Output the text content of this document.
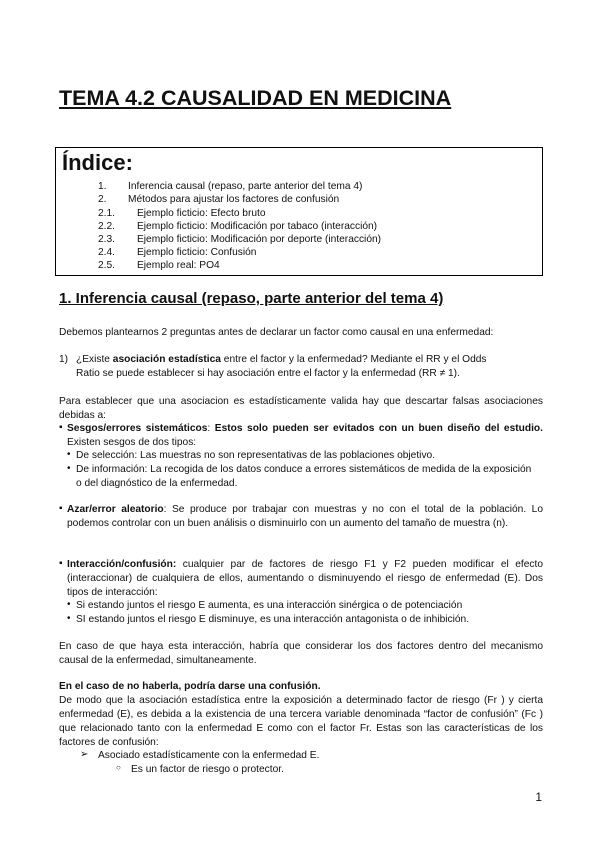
TEMA 4.2 CAUSALIDAD EN MEDICINA
Índice:
1. Inferencia causal (repaso, parte anterior del tema 4)
2. Métodos para ajustar los factores de confusión
2.1. Ejemplo ficticio: Efecto bruto
2.2. Ejemplo ficticio: Modificación por tabaco (interacción)
2.3. Ejemplo ficticio: Modificación por deporte (interacción)
2.4. Ejemplo ficticio: Confusión
2.5. Ejemplo real: PO4
1. Inferencia causal (repaso, parte anterior del tema 4)
Debemos plantearnos 2 preguntas antes de declarar un factor como causal en una enfermedad:
1) ¿Existe asociación estadística entre el factor y la enfermedad? Mediante el RR y el Odds
Ratio se puede establecer si hay asociación entre el factor y la enfermedad (RR ≠ 1).
Para establecer que una asociacion es estadísticamente valida hay que descartar falsas asociaciones debidas a:
▪ Sesgos/errores sistemáticos: Estos solo pueden ser evitados con un buen diseño del estudio. Existen sesgos de dos tipos:
• De selección: Las muestras no son representativas de las poblaciones objetivo.
• De información: La recogida de los datos conduce a errores sistemáticos de medida de la exposición o del diagnóstico de la enfermedad.
▪ Azar/error aleatorio: Se produce por trabajar con muestras y no con el total de la población. Lo podemos controlar con un buen análisis o disminuirlo con un aumento del tamaño de muestra (n).
▪ Interacción/confusión: cualquier par de factores de riesgo F1 y F2 pueden modificar el efecto (interaccionar) de cualquiera de ellos, aumentando o disminuyendo el riesgo de enfermedad (E). Dos tipos de interacción:
• Si estando juntos el riesgo E aumenta, es una interacción sinérgica o de potenciación
• SI estando juntos el riesgo E disminuye, es una interacción antagonista o de inhibición.
En caso de que haya esta interacción, habría que considerar los dos factores dentro del mecanismo causal de la enfermedad, simultaneamente.
En el caso de no haberla, podría darse una confusión.
De modo que la asociación estadística entre la exposición a determinado factor de riesgo (Fr ) y cierta enfermedad (E), es debida a la existencia de una tercera variable denominada “factor de confusión” (Fc ) que relacionado tanto con la enfermedad E como con el factor Fr. Estas son las características de los factores de confusión:
➢ Asociado estadísticamente con la enfermedad E.
○ Es un factor de riesgo o protector.
1
